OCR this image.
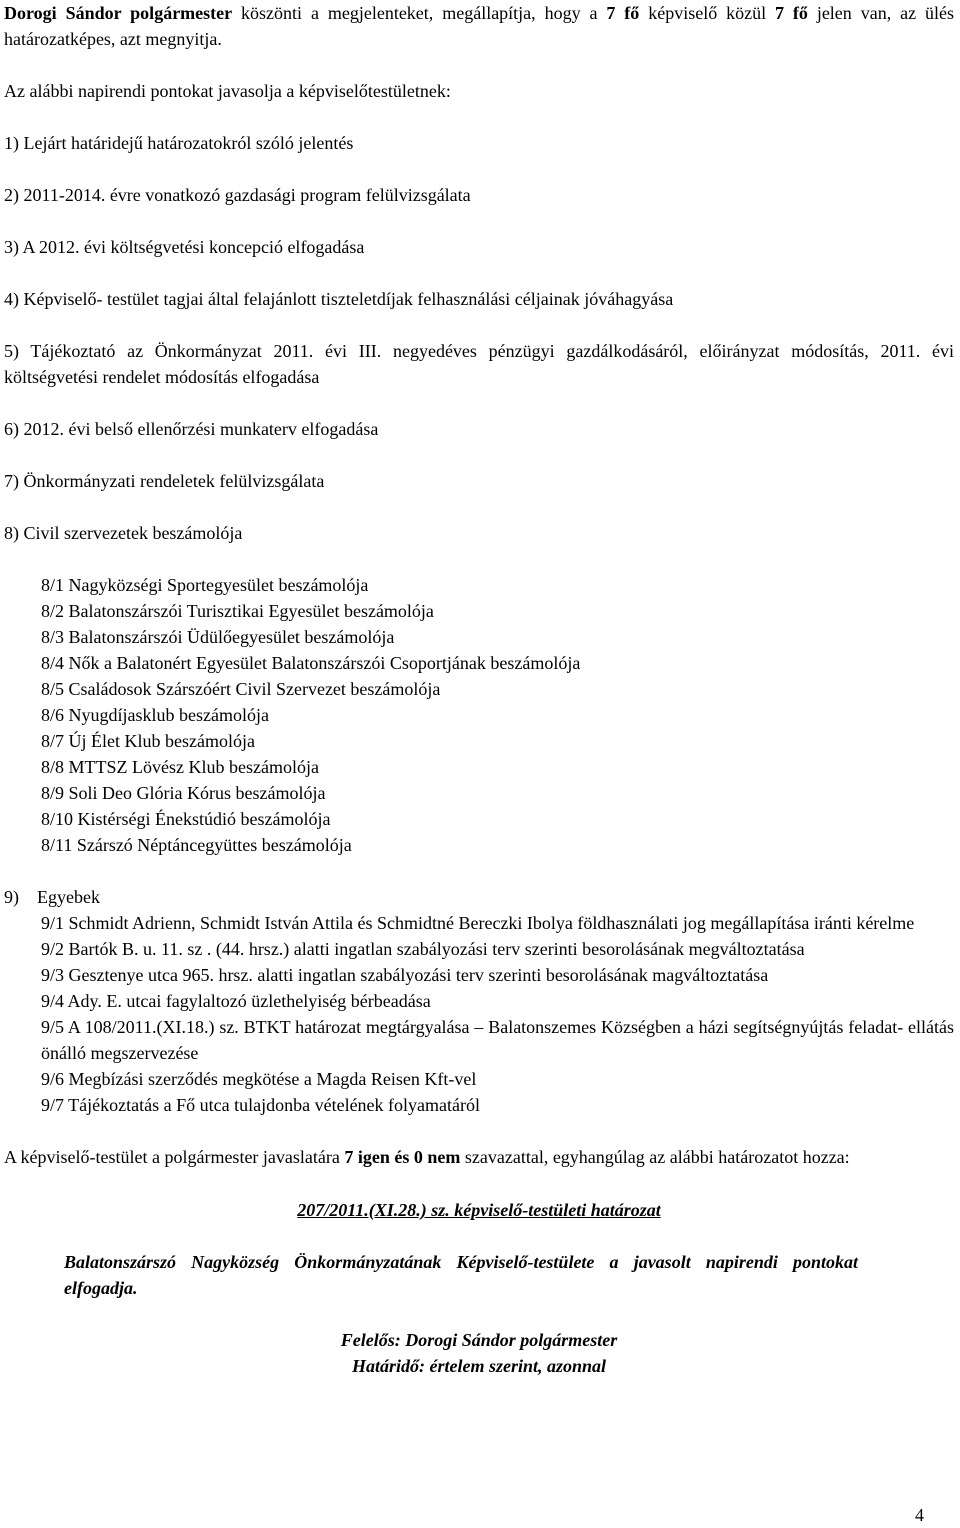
Dorogi Sándor polgármester köszönti a megjelenteket, megállapítja, hogy a 7 fő képviselő közül 7 fő jelen van, az ülés határozatképes, azt megnyitja.

Az alábbi napirendi pontokat javasolja a képviselőtestületnek:

1) Lejárt határidejű határozatokról szóló jelentés

2) 2011-2014. évre vonatkozó gazdasági program felülvizsgálata

3) A 2012. évi költségvetési koncepció elfogadása

4) Képviselő- testület tagjai által felajánlott tiszteletdíjak felhasználási céljainak jóváhagyása

5) Tájékoztató az Önkormányzat 2011. évi III. negyedéves pénzügyi gazdálkodásáról, előirányzat módosítás, 2011. évi költségvetési rendelet módosítás elfogadása

6) 2012. évi belső ellenőrzési munkaterv elfogadása

7) Önkormányzati rendeletek felülvizsgálata

8) Civil szervezetek beszámolója

8/1 Nagyközségi Sportegyesület beszámolója

8/2 Balatonszárszói Turisztikai Egyesület beszámolója

8/3 Balatonszárszói Üdülőegyesület beszámolója

8/4 Nők a Balatonért Egyesület Balatonszárszói Csoportjának beszámolója

8/5 Családosok Szárszóért Civil Szervezet beszámolója

8/6 Nyugdíjasklub beszámolója

8/7 Új Élet Klub beszámolója

8/8 MTTSZ Lövész Klub beszámolója

8/9 Soli Deo Glória Kórus beszámolója

8/10 Kistérségi Énekstúdió beszámolója

8/11 Szárszó Néptáncegyüttes beszámolója

9)    Egyebek

9/1 Schmidt Adrienn, Schmidt István Attila és Schmidtné Bereczki Ibolya földhasználati jog megállapítása iránti kérelme

9/2 Bartók B. u. 11. sz . (44. hrsz.) alatti ingatlan szabályozási terv szerinti besorolásának megváltoztatása

9/3 Gesztenye utca 965. hrsz. alatti ingatlan szabályozási terv szerinti besorolásának magváltoztatása

9/4 Ady. E. utcai fagylaltozó üzlethelyiség bérbeadása

9/5 A 108/2011.(XI.18.) sz. BTKT határozat megtárgyalása – Balatonszemes Községben a házi segítségnyújtás feladat- ellátás önálló megszervezése

9/6 Megbízási szerződés megkötése a Magda Reisen Kft-vel

9/7 Tájékoztatás a Fő utca tulajdonba vételének folyamatáról

A képviselő-testület a polgármester javaslatára 7 igen és 0 nem szavazattal, egyhangúlag az alábbi határozatot hozza:

207/2011.(XI.28.) sz. képviselő-testületi határozat

Balatonszárszó Nagyközség Önkormányzatának Képviselő-testülete a javasolt napirendi pontokat elfogadja.

Felelős: Dorogi Sándor polgármester

Határidő: értelem szerint, azonnal

4
